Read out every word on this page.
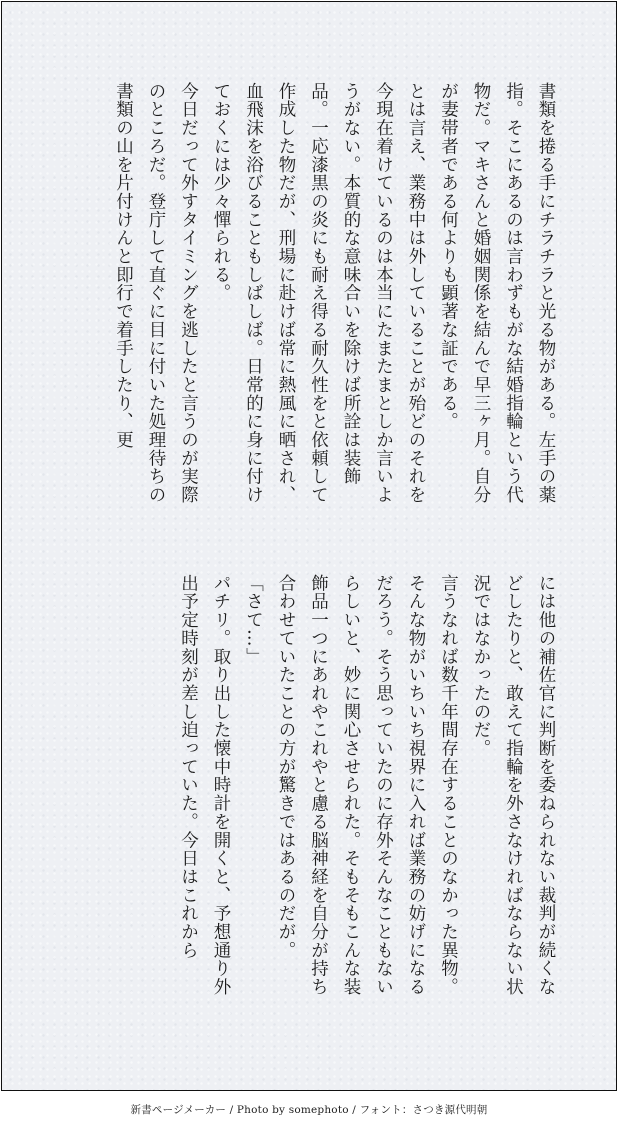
書類を捲る手にチラチラと光る物がある。左手の薬指。そこにあるのは言わずもがな結婚指輪という代物だ。マキさんと婚姻関係を結んで早三ヶ月。自分が妻帯者である何よりも顕著な証である。

とは言え、業務中は外していることが殆どのそれを今現在着けているのは本当にたまたまとしか言いようがない。本質的な意味合いを除けば所詮は装飾品。一応漆黒の炎にも耐え得る耐久性をと依頼して作成した物だが、刑場に赴けば常に熱風に晒され、血飛沫を浴びることもしばしば。日常的に身に付けておくには少々憚られる。

今日だって外すタイミングを逃したと言うのが実際のところだ。登庁して直ぐに目に付いた処理待ちの書類の山を片付けんと即行で着手したり、更

には他の補佐官に判断を委ねられない裁判が続くなどしたりと、敢えて指輪を外さなければならない状況ではなかったのだ。

言うなれば数千年間存在することのなかった異物。そんな物がいちいち視界に入れば業務の妨げになるだろう。そう思っていたのに存外そんなこともないらしいと、妙に関心させられた。そもそもこんな装飾品一つにあれやこれやと慮る脳神経を自分が持ち合わせていたことの方が驚きではあるのだが。

「さて…」

パチリ。取り出した懐中時計を開くと、予想通り外出予定時刻が差し迫っていた。今日はこれから

新書ページメーカー / Photo by somephoto / フォント：さつき源代明朝
